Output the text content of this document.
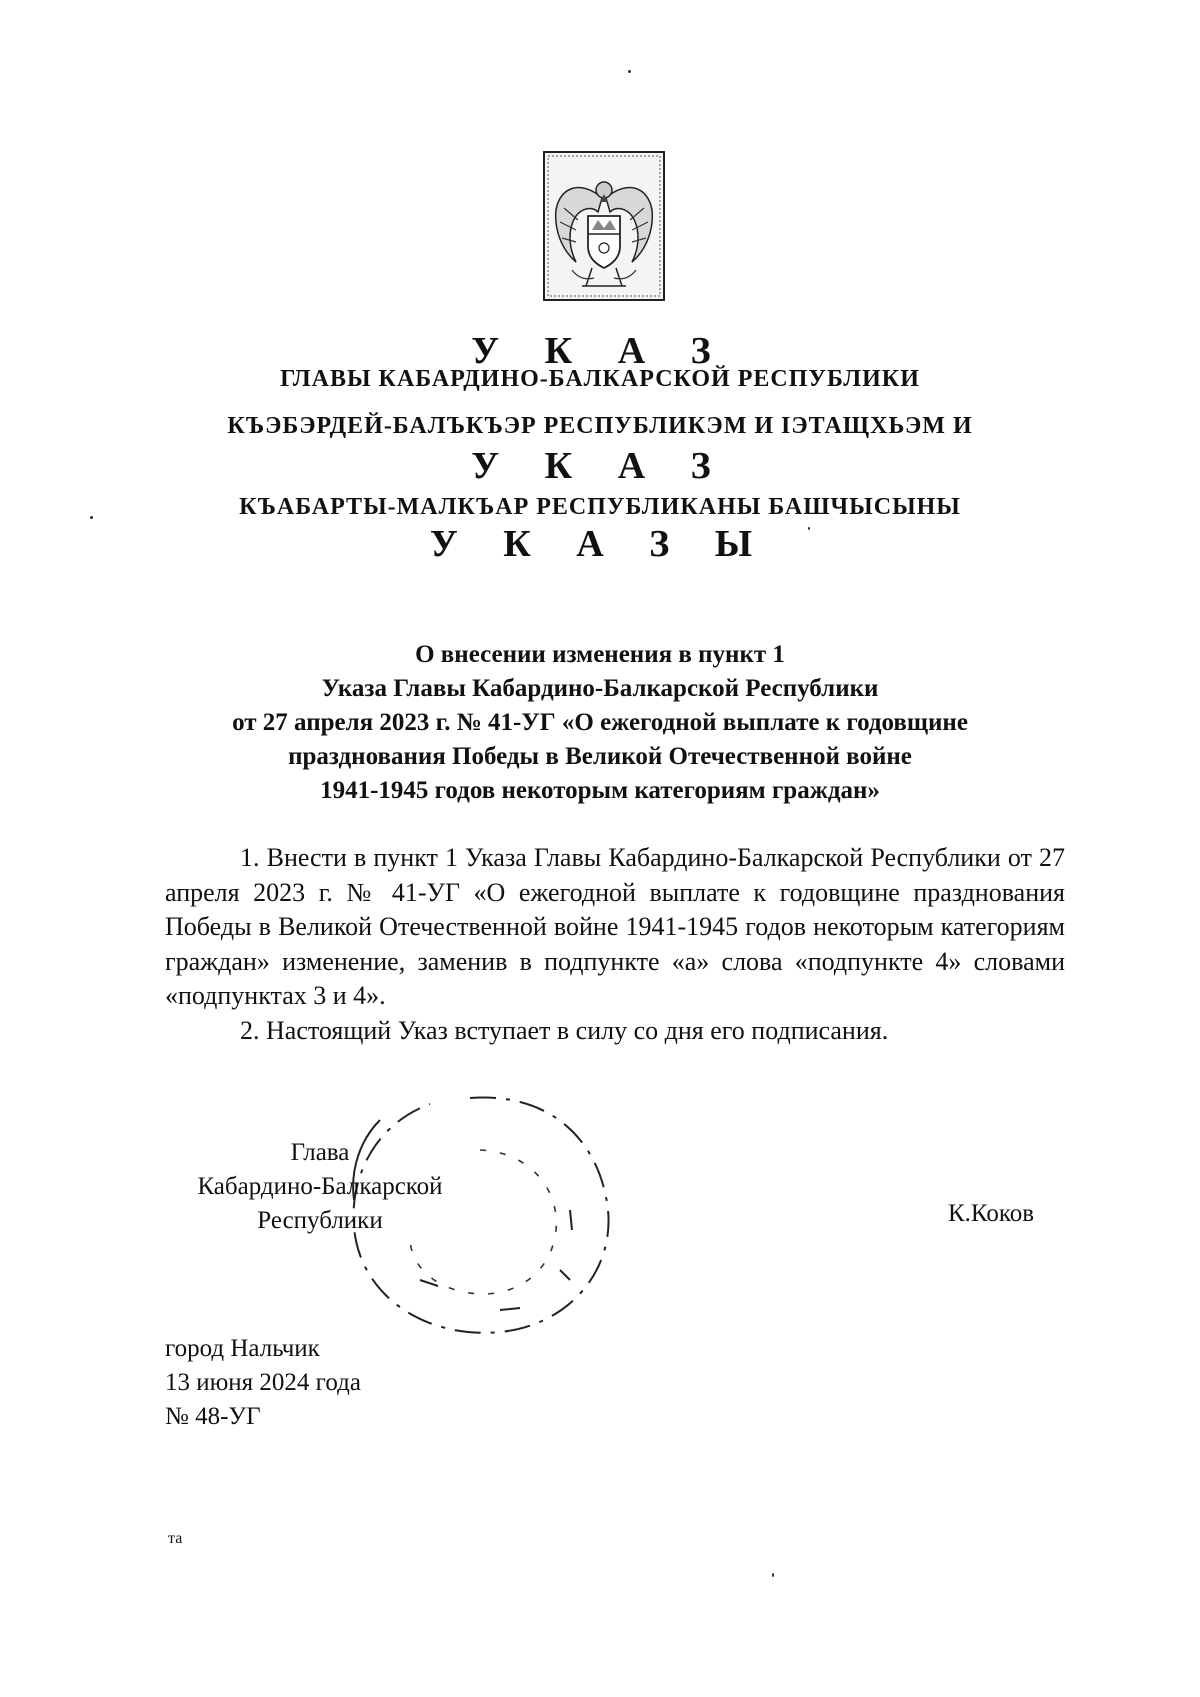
У К А З

ГЛАВЫ КАБАРДИНО-БАЛКАРСКОЙ РЕСПУБЛИКИ

КЪЭБЭРДЕЙ-БАЛЪКЪЭР РЕСПУБЛИКЭМ И IЭТАЩХЬЭМ И

У К А З

КЪАБАРТЫ-МАЛКЪАР РЕСПУБЛИКАНЫ БАШЧЫСЫНЫ

У К А З Ы

О внесении изменения в пункт 1
Указа Главы Кабардино-Балкарской Республики
от 27 апреля 2023 г. № 41-УГ «О ежегодной выплате к годовщине
празднования Победы в Великой Отечественной войне
1941-1945 годов некоторым категориям граждан»

1. Внести в пункт 1 Указа Главы Кабардино-Балкарской Республики от 27 апреля 2023 г. № 41-УГ «О ежегодной выплате к годовщине празднования Победы в Великой Отечественной войне 1941-1945 годов некоторым категориям граждан» изменение, заменив в подпункте «а» слова «подпункте 4» словами «подпунктах 3 и 4».

2. Настоящий Указ вступает в силу со дня его подписания.

Глава
Кабардино-Балкарской
Республики	К.Коков
город Нальчик
13 июня 2024 года
№ 48-УГ
та
